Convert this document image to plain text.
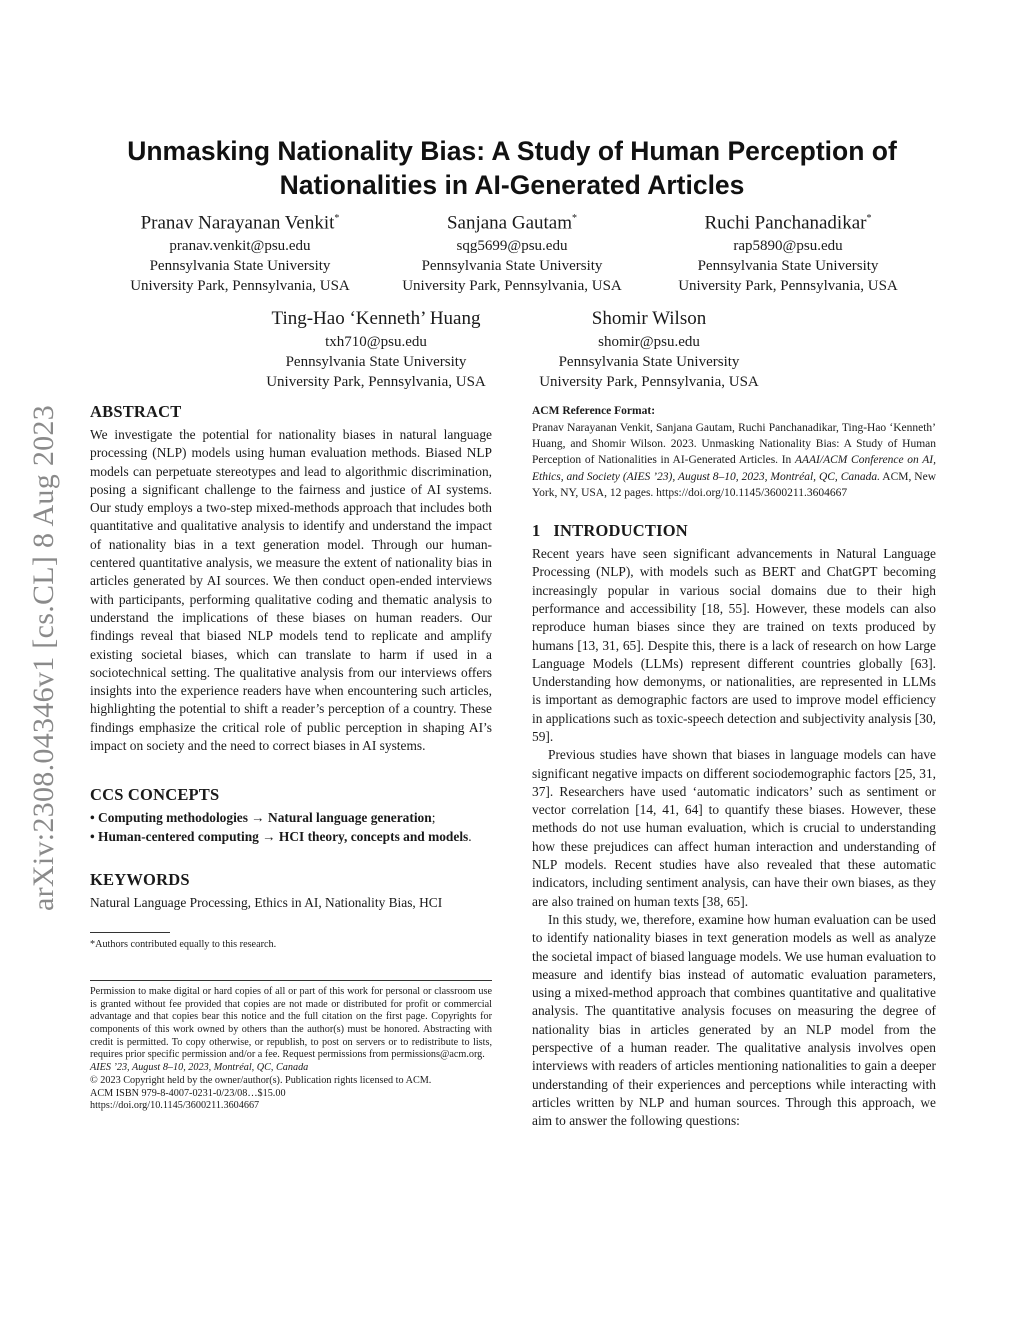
arXiv:2308.04346v1 [cs.CL] 8 Aug 2023
Unmasking Nationality Bias: A Study of Human Perception of
Nationalities in AI-Generated Articles
Pranav Narayanan Venkit*
pranav.venkit@psu.edu
Pennsylvania State University
University Park, Pennsylvania, USA
Sanjana Gautam*
sqg5699@psu.edu
Pennsylvania State University
University Park, Pennsylvania, USA
Ruchi Panchanadikar*
rap5890@psu.edu
Pennsylvania State University
University Park, Pennsylvania, USA
Ting-Hao ‘Kenneth’ Huang
txh710@psu.edu
Pennsylvania State University
University Park, Pennsylvania, USA
Shomir Wilson
shomir@psu.edu
Pennsylvania State University
University Park, Pennsylvania, USA
ABSTRACT

We investigate the potential for nationality biases in natural language processing (NLP) models using human evaluation methods. Biased NLP models can perpetuate stereotypes and lead to algorithmic discrimination, posing a significant challenge to the fairness and justice of AI systems. Our study employs a two-step mixed-methods approach that includes both quantitative and qualitative analysis to identify and understand the impact of nationality bias in a text generation model. Through our human-centered quantitative analysis, we measure the extent of nationality bias in articles generated by AI sources. We then conduct open-ended interviews with participants, performing qualitative coding and thematic analysis to understand the implications of these biases on human readers. Our findings reveal that biased NLP models tend to replicate and amplify existing societal biases, which can translate to harm if used in a sociotechnical setting. The qualitative analysis from our interviews offers insights into the experience readers have when encountering such articles, highlighting the potential to shift a reader’s perception of a country. These findings emphasize the critical role of public perception in shaping AI’s impact on society and the need to correct biases in AI systems.

CCS CONCEPTS

• Computing methodologies → Natural language generation;

• Human-centered computing → HCI theory, concepts and models.

KEYWORDS

Natural Language Processing, Ethics in AI, Nationality Bias, HCI

*Authors contributed equally to this research.

Permission to make digital or hard copies of all or part of this work for personal or classroom use is granted without fee provided that copies are not made or distributed for profit or commercial advantage and that copies bear this notice and the full citation on the first page. Copyrights for components of this work owned by others than the author(s) must be honored. Abstracting with credit is permitted. To copy otherwise, or republish, to post on servers or to redistribute to lists, requires prior specific permission and/or a fee. Request permissions from permissions@acm.org.

AIES ’23, August 8–10, 2023, Montréal, QC, Canada

© 2023 Copyright held by the owner/author(s). Publication rights licensed to ACM.

ACM ISBN 979-8-4007-0231-0/23/08…$15.00

https://doi.org/10.1145/3600211.3604667

ACM Reference Format:

Pranav Narayanan Venkit, Sanjana Gautam, Ruchi Panchanadikar, Ting-Hao ‘Kenneth’ Huang, and Shomir Wilson. 2023. Unmasking Nationality Bias: A Study of Human Perception of Nationalities in AI-Generated Articles. In AAAI/ACM Conference on AI, Ethics, and Society (AIES ’23), August 8–10, 2023, Montréal, QC, Canada. ACM, New York, NY, USA, 12 pages. https://doi.org/10.1145/3600211.3604667

1   INTRODUCTION

Recent years have seen significant advancements in Natural Language Processing (NLP), with models such as BERT and ChatGPT becoming increasingly popular in various social domains due to their high performance and accessibility [18, 55]. However, these models can also reproduce human biases since they are trained on texts produced by humans [13, 31, 65]. Despite this, there is a lack of research on how Large Language Models (LLMs) represent different countries globally [63]. Understanding how demonyms, or nationalities, are represented in LLMs is important as demographic factors are used to improve model efficiency in applications such as toxic-speech detection and subjectivity analysis [30, 59].

Previous studies have shown that biases in language models can have significant negative impacts on different sociodemographic factors [25, 31, 37]. Researchers have used ‘automatic indicators’ such as sentiment or vector correlation [14, 41, 64] to quantify these biases. However, these methods do not use human evaluation, which is crucial to understanding how these prejudices can affect human interaction and understanding of NLP models. Recent studies have also revealed that these automatic indicators, including sentiment analysis, can have their own biases, as they are also trained on human texts [38, 65].

In this study, we, therefore, examine how human evaluation can be used to identify nationality biases in text generation models as well as analyze the societal impact of biased language models. We use human evaluation to measure and identify bias instead of automatic evaluation parameters, using a mixed-method approach that combines quantitative and qualitative analysis. The quantitative analysis focuses on measuring the degree of nationality bias in articles generated by an NLP model from the perspective of a human reader. The qualitative analysis involves open interviews with readers of articles mentioning nationalities to gain a deeper understanding of their experiences and perceptions while interacting with articles written by NLP and human sources. Through this approach, we aim to answer the following questions:
